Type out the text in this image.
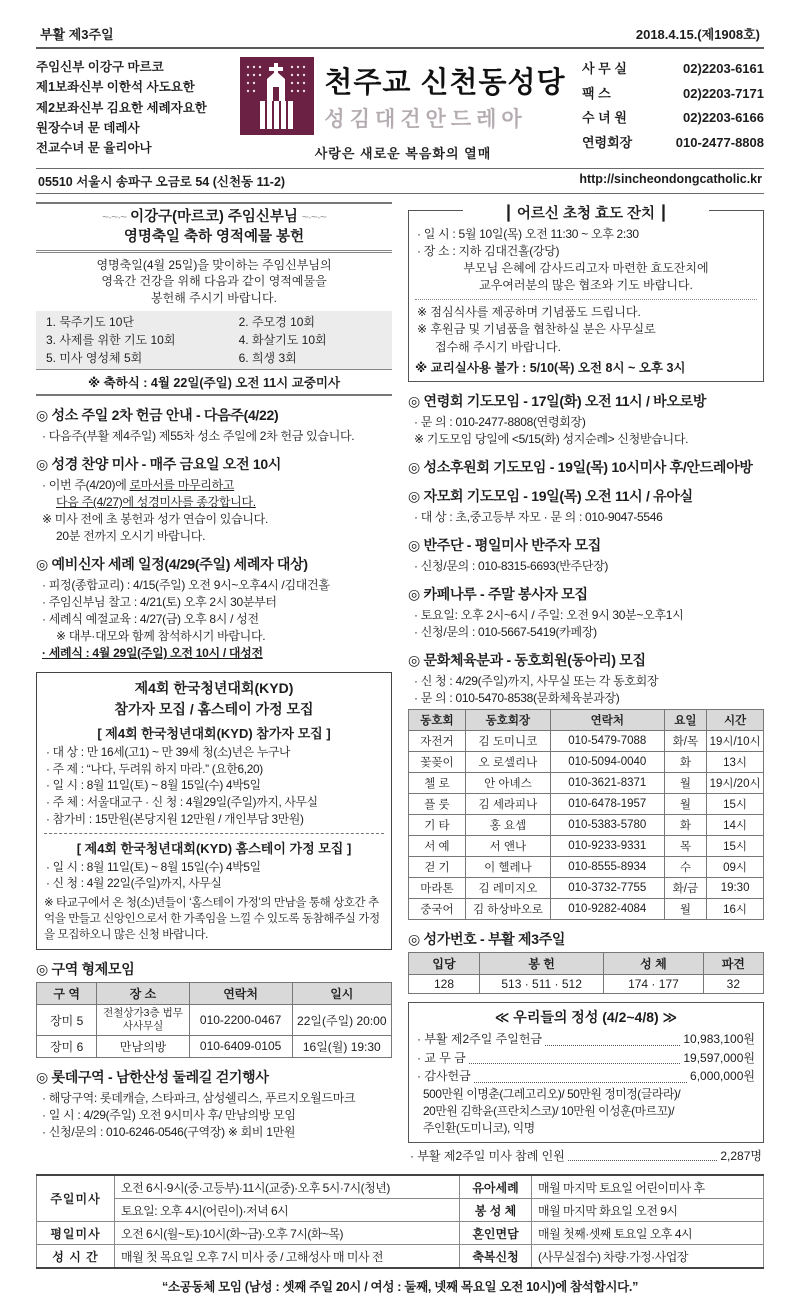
부활 제3주일	2018.4.15.(제1908호)
주임신부 이강구 마르코
제1보좌신부 이한석 사도요한
제2보좌신부 김요한 세례자요한
원장수녀 문 데레사
전교수녀 문 율리아나
천주교 신천동성당
성김대건안드레아
사랑은 새로운 복음화의 열매
사 무 실	02)2203-6161
팩 스	02)2203-7171
수 녀 원	02)2203-6166
연령회장	010-2477-8808
05510 서울시 송파구 오금로 54 (신천동 11-2)	http://sincheondongcatholic.kr
~·~·~ 이강구(마르코) 주임신부님 ~·~·~
영명축일 축하 영적예물 봉헌
영명축일(4월 25일)을 맞이하는 주임신부님의
영육간 건강을 위해 다음과 같이 영적예물을
봉헌해 주시기 바랍니다.
1. 묵주기도 10단	2. 주모경 10회
3. 사제를 위한 기도 10회	4. 화살기도 10회
5. 미사 영성체 5회	6. 희생 3회
※ 축하식 : 4월 22일(주일) 오전 11시 교중미사
◎ 성소 주일 2차 헌금 안내 - 다음주(4/22)
· 다음주(부활 제4주일) 제55차 성소 주일에 2차 헌금 있습니다.
◎ 성경 찬양 미사 - 매주 금요일 오전 10시
· 이번 주(4/20)에 로마서를 마무리하고
다음 주(4/27)에 성경미사를 종강합니다.
※ 미사 전에 초 봉헌과 성가 연습이 있습니다.
20분 전까지 오시기 바랍니다.
◎ 예비신자 세례 일정(4/29(주일) 세례자 대상)
· 피정(종합교리) : 4/15(주일) 오전 9시~오후4시 /김대건홀
· 주임신부님 찰고 : 4/21(토) 오후 2시 30분부터
· 세례식 예절교육 : 4/27(금) 오후 8시 / 성전
※ 대부·대모와 함께 참석하시기 바랍니다.
· 세례식 : 4월 29일(주일) 오전 10시 / 대성전
제4회 한국청년대회(KYD)
참가자 모집 / 홈스테이 가정 모집
[ 제4회 한국청년대회(KYD) 참가자 모집 ]
· 대 상 : 만 16세(고1) ~ 만 39세 청(소)년은 누구나
· 주 제 : “나다, 두려워 하지 마라.” (요한6,20)
· 일 시 : 8월 11일(토) ~ 8월 15일(수) 4박5일
· 주 체 : 서울대교구 · 신 청 : 4월29일(주일)까지, 사무실
· 참가비 : 15만원(본당지원 12만원 / 개인부담 3만원)
[ 제4회 한국청년대회(KYD) 홈스테이 가정 모집 ]
· 일 시 : 8월 11일(토) ~ 8월 15일(수) 4박5일
· 신 청 : 4월 22일(주일)까지, 사무실
※ 타교구에서 온 청(소)년들이 ‘홈스테이 가정’의 만남을 통해 상호간 추억을 만들고 신앙인으로서 한 가족임을 느낄 수 있도록 동참해주실 가정을 모집하오니 많은 신청 바랍니다.
◎ 구역 형제모임
구 역	장 소	연락처	일시
장미 5	전철상가3층 법무사사무실	010-2200-0467	22일(주일) 20:00
장미 6	만남의방	010-6409-0105	16일(월) 19:30
◎ 롯데구역 - 남한산성 둘레길 걷기행사
· 해당구역: 롯데캐슬, 스타파크, 삼성쉘리스, 푸르지오월드마크
· 일 시 : 4/29(주일) 오전 9시미사 후/ 만남의방 모임
· 신청/문의 : 010-6246-0546(구역장) ※ 회비 1만원
┃ 어르신 초청 효도 잔치 ┃
· 일 시 : 5월 10일(목) 오전 11:30 ~ 오후 2:30
· 장 소 : 지하 김대건홀(강당)
부모님 은혜에 감사드리고자 마련한 효도잔치에
교우여러분의 많은 협조와 기도 바랍니다.
※ 점심식사를 제공하며 기념품도 드립니다.
※ 후원금 및 기념품을 협찬하실 분은 사무실로
접수해 주시기 바랍니다.
※ 교리실사용 불가 : 5/10(목) 오전 8시 ~ 오후 3시
◎ 연령회 기도모임 - 17일(화) 오전 11시 / 바오로방
· 문 의 : 010-2477-8808(연령회장)
※ 기도모임 당일에 <5/15(화) 성지순례> 신청받습니다.
◎ 성소후원회 기도모임 - 19일(목) 10시미사 후/안드레아방
◎ 자모회 기도모임 - 19일(목) 오전 11시 / 유아실
· 대 상 : 초,중고등부 자모 · 문 의 : 010-9047-5546
◎ 반주단 - 평일미사 반주자 모집
· 신청/문의 : 010-8315-6693(반주단장)
◎ 카페나루 - 주말 봉사자 모집
· 토요일: 오후 2시~6시 / 주일: 오전 9시 30분~오후1시
· 신청/문의 : 010-5667-5419(카페장)
◎ 문화체육분과 - 동호회원(동아리) 모집
· 신 청 : 4/29(주일)까지, 사무실 또는 각 동호회장
· 문 의 : 010-5470-8538(문화체육분과장)
동호회	동호회장	연락처	요일	시간
자전거	김 도미니코	010-5479-7088	화/목	19시/10시
꽃꽂이	오 로셀리나	010-5094-0040	화	13시
첼 로	안 아녜스	010-3621-8371	월	19시/20시
플 룻	김 세라피나	010-6478-1957	월	15시
기 타	홍 요셉	010-5383-5780	화	14시
서 예	서 앤나	010-9233-9331	목	15시
걷 기	이 헬레나	010-8555-8934	수	09시
마라톤	김 레미지오	010-3732-7755	화/금	19:30
중국어	김 하상바오로	010-9282-4084	월	16시
◎ 성가번호 - 부활 제3주일
입당	봉 헌	성 체	파견
128	513 · 511 · 512	174 · 177	32
≪ 우리들의 정성 (4/2~4/8) ≫
· 부활 제2주일 주일헌금	10,983,100원
· 교 무 금	19,597,000원
· 감사헌금	6,000,000원
500만원 이명춘(그레고리오)/ 50만원 정미정(글라라)/
20만원 김학윤(프란치스코)/ 10만원 이성훈(마르꼬)/
주인환(도미니코), 익명
· 부활 제2주일 미사 참례 인원	2,287명
주일미사	오전 6시·9시(중·고등부)·11시(교중)·오후 5시·7시(청년)	유아세례	매월 마지막 토요일 어린이미사 후
	토요일: 오후 4시(어린이)·저녁 6시	봉 성 체	매월 마지막 화요일 오전 9시
평일미사	오전 6시(월~토)·10시(화~금)·오후 7시(화~목)	혼인면담	매월 첫째·셋째 토요일 오후 4시
성 시 간	매월 첫 목요일 오후 7시 미사 중 / 고해성사 매 미사 전	축복신청	(사무실접수) 차량·가정·사업장
“소공동체 모임 (남성 : 셋째 주일 20시 / 여성 : 둘째, 넷째 목요일 오전 10시)에 참석합시다.”
